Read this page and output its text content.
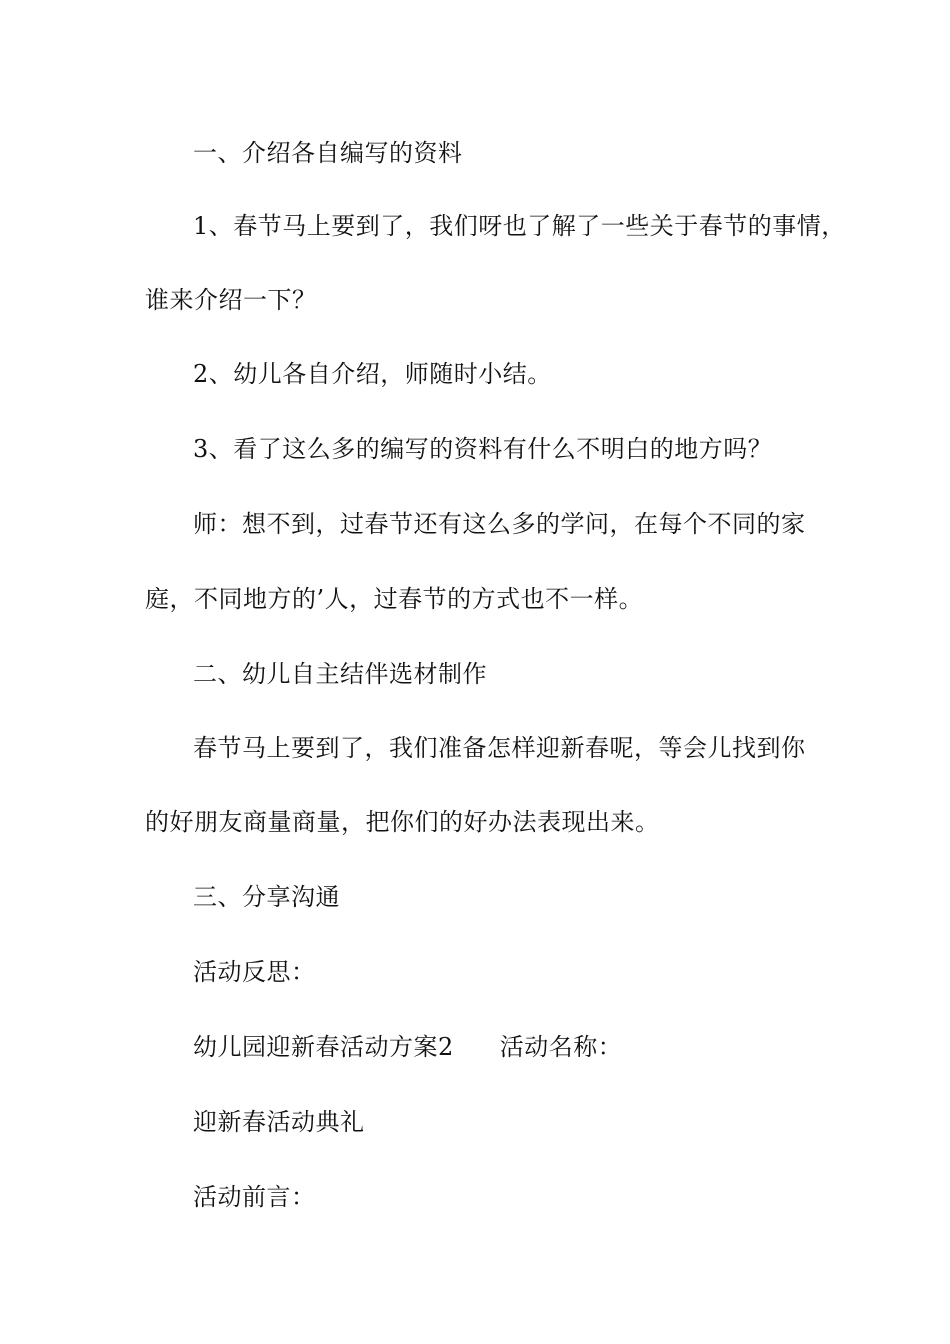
一、介绍各自编写的资料
1、春节马上要到了，我们呀也了解了一些关于春节的事情，
谁来介绍一下？
2、幼儿各自介绍，师随时小结。
3、看了这么多的编写的资料有什么不明白的地方吗？
师：想不到，过春节还有这么多的学问，在每个不同的家
庭，不同地方的’人，过春节的方式也不一样。
二、幼儿自主结伴选材制作
春节马上要到了，我们准备怎样迎新春呢，等会儿找到你
的好朋友商量商量，把你们的好办法表现出来。
三、分享沟通
活动反思：
幼儿园迎新春活动方案2 活动名称：
迎新春活动典礼
活动前言：
